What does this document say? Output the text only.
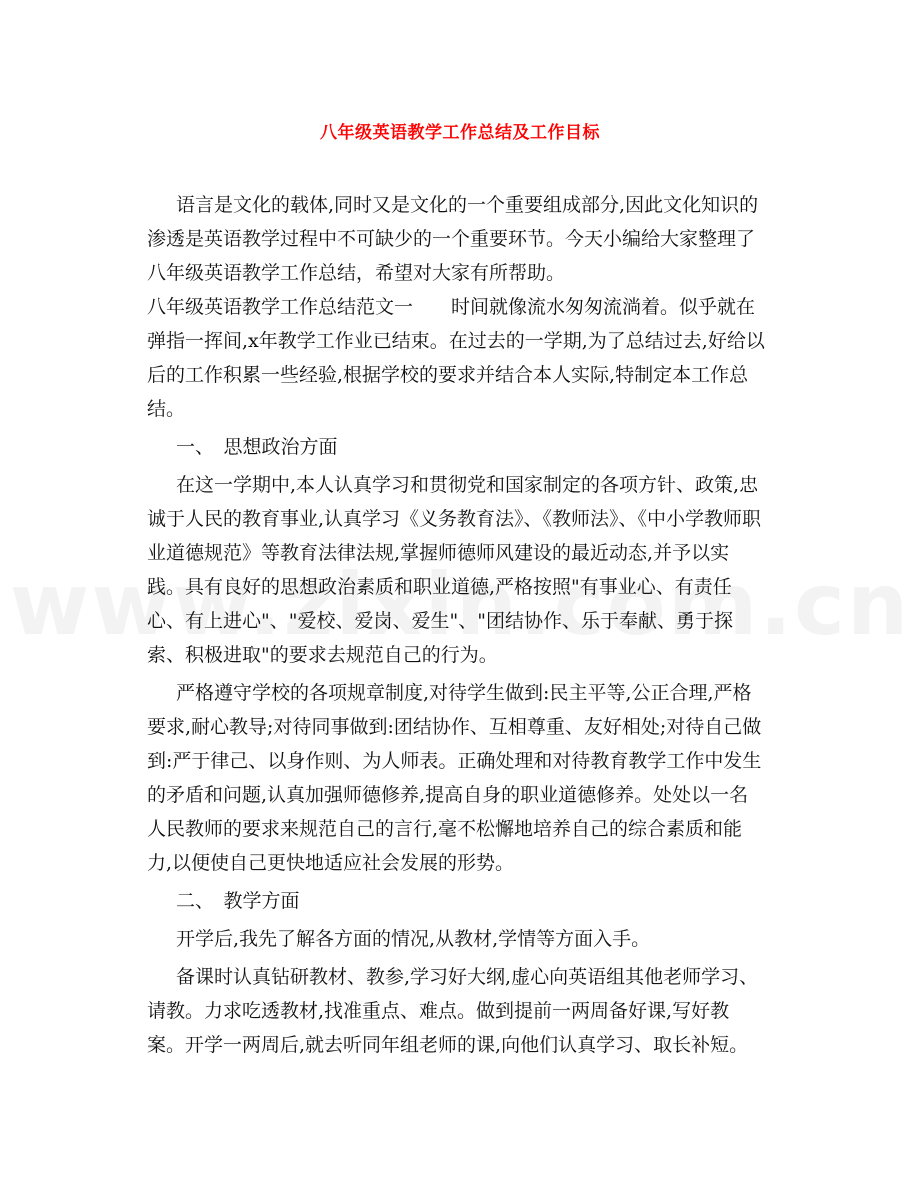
八年级英语教学工作总结及工作目标

语言是文化的载体,同时又是文化的一个重要组成部分,因此文化知识的渗透是英语教学过程中不可缺少的一个重要环节。今天小编给大家整理了八年级英语教学工作总结，希望对大家有所帮助。

八年级英语教学工作总结范文一　　时间就像流水匆匆流淌着。似乎就在弹指一挥间,x年教学工作业已结束。在过去的一学期,为了总结过去,好给以后的工作积累一些经验,根据学校的要求并结合本人实际,特制定本工作总结。

一、　思想政治方面

在这一学期中,本人认真学习和贯彻党和国家制定的各项方针、政策,忠诚于人民的教育事业,认真学习《义务教育法》、《教师法》、《中小学教师职业道德规范》等教育法律法规,掌握师德师风建设的最近动态,并予以实践。具有良好的思想政治素质和职业道德,严格按照"有事业心、有责任心、有上进心"、"爱校、爱岗、爱生"、"团结协作、乐于奉献、勇于探索、积极进取"的要求去规范自己的行为。

严格遵守学校的各项规章制度,对待学生做到:民主平等,公正合理,严格要求,耐心教导;对待同事做到:团结协作、互相尊重、友好相处;对待自己做到:严于律己、以身作则、为人师表。正确处理和对待教育教学工作中发生的矛盾和问题,认真加强师德修养,提高自身的职业道德修养。处处以一名人民教师的要求来规范自己的言行,毫不松懈地培养自己的综合素质和能力,以便使自己更快地适应社会发展的形势。

二、　教学方面

开学后,我先了解各方面的情况,从教材,学情等方面入手。

备课时认真钻研教材、教参,学习好大纲,虚心向英语组其他老师学习、请教。力求吃透教材,找准重点、难点。做到提前一两周备好课,写好教案。开学一两周后,就去听同年组老师的课,向他们认真学习、取长补短。
